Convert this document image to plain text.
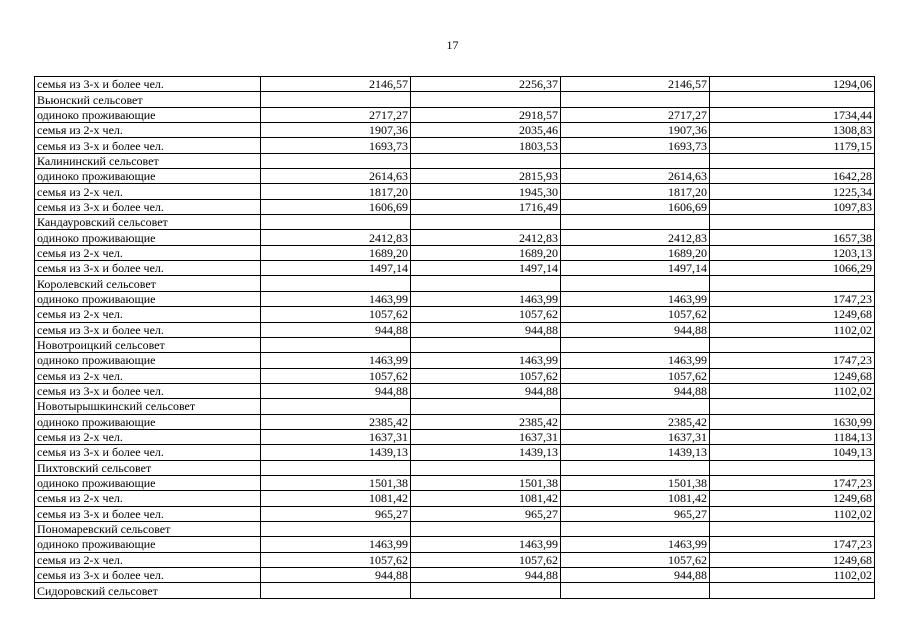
17
семья из 3-х и более чел.	2146,57	2256,37	2146,57	1294,06
Вьюнский сельсовет				
одиноко проживающие	2717,27	2918,57	2717,27	1734,44
семья из 2-х чел.	1907,36	2035,46	1907,36	1308,83
семья из 3-х и более чел.	1693,73	1803,53	1693,73	1179,15
Калининский сельсовет				
одиноко проживающие	2614,63	2815,93	2614,63	1642,28
семья из 2-х чел.	1817,20	1945,30	1817,20	1225,34
семья из 3-х и более чел.	1606,69	1716,49	1606,69	1097,83
Кандауровский сельсовет				
одиноко проживающие	2412,83	2412,83	2412,83	1657,38
семья из 2-х чел.	1689,20	1689,20	1689,20	1203,13
семья из 3-х и более чел.	1497,14	1497,14	1497,14	1066,29
Королевский сельсовет				
одиноко проживающие	1463,99	1463,99	1463,99	1747,23
семья из 2-х чел.	1057,62	1057,62	1057,62	1249,68
семья из 3-х и более чел.	944,88	944,88	944,88	1102,02
Новотроицкий сельсовет				
одиноко проживающие	1463,99	1463,99	1463,99	1747,23
семья из 2-х чел.	1057,62	1057,62	1057,62	1249,68
семья из 3-х и более чел.	944,88	944,88	944,88	1102,02
Новотырышкинский сельсовет				
одиноко проживающие	2385,42	2385,42	2385,42	1630,99
семья из 2-х чел.	1637,31	1637,31	1637,31	1184,13
семья из 3-х и более чел.	1439,13	1439,13	1439,13	1049,13
Пихтовский сельсовет				
одиноко проживающие	1501,38	1501,38	1501,38	1747,23
семья из 2-х чел.	1081,42	1081,42	1081,42	1249,68
семья из 3-х и более чел.	965,27	965,27	965,27	1102,02
Пономаревский сельсовет				
одиноко проживающие	1463,99	1463,99	1463,99	1747,23
семья из 2-х чел.	1057,62	1057,62	1057,62	1249,68
семья из 3-х и более чел.	944,88	944,88	944,88	1102,02
Сидоровский сельсовет				
